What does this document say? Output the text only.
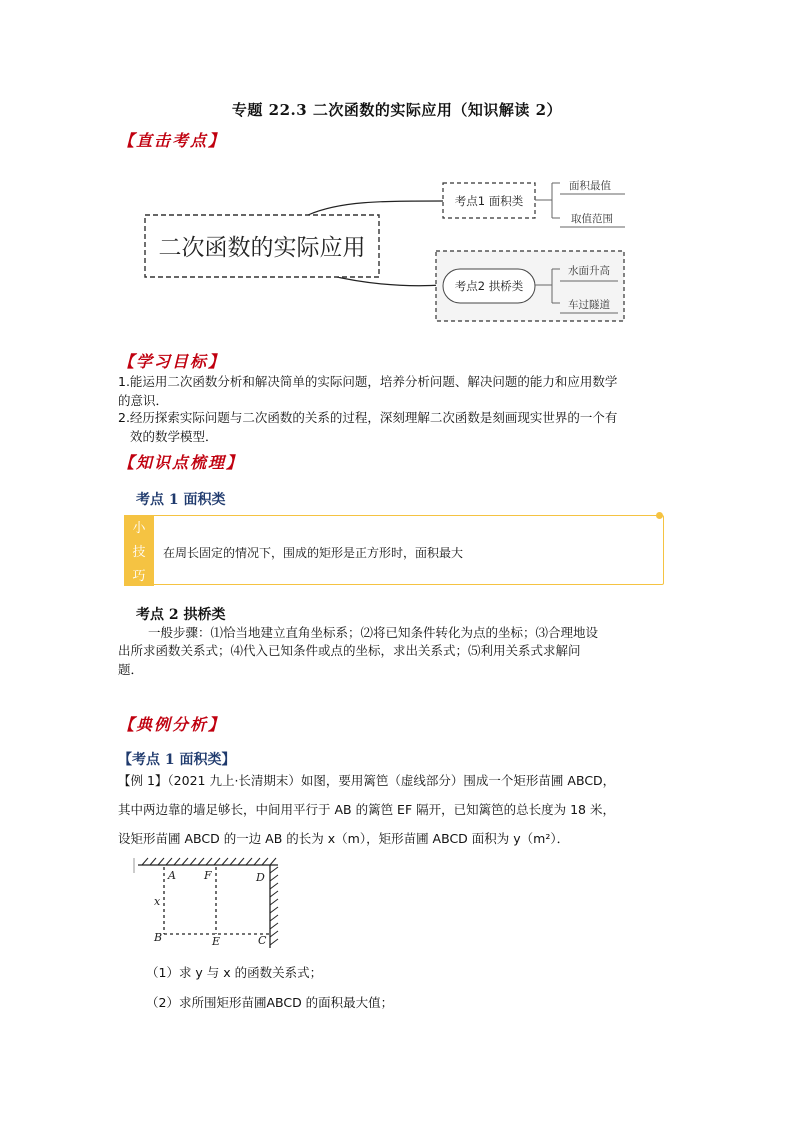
专题 22.3 二次函数的实际应用（知识解读 2）
【直击考点】
二次函数的实际应用
考点1 面积类
面积最值
取值范围
考点2 拱桥类
水面升高
车过隧道
【学习目标】
1.能运用二次函数分析和解决简单的实际问题，培养分析问题、解决问题的能力和应用数学
的意识．
2.经历探索实际问题与二次函数的关系的过程，深刻理解二次函数是刻画现实世界的一个有
效的数学模型．
【知识点梳理】
考点 1 面积类
小
技
巧
在周长固定的情况下，围成的矩形是正方形时，面积最大
考点 2 拱桥类
一般步骤：⑴恰当地建立直角坐标系；⑵将已知条件转化为点的坐标；⑶合理地设
出所求函数关系式；⑷代入已知条件或点的坐标，求出关系式；⑸利用关系式求解问
题．
【典例分析】
【考点 1 面积类】
【例 1】（2021 九上·长清期末）如图，要用篱笆（虚线部分）围成一个矩形苗圃 ABCD，
其中两边靠的墙足够长，中间用平行于 AB 的篱笆 EF 隔开，已知篱笆的总长度为 18 米，
设矩形苗圃 ABCD 的一边 AB 的长为 x（m），矩形苗圃 ABCD 面积为 y（m²）．
A	F	D
x
B	E	C
（1）求 y 与 x 的函数关系式；
（2）求所围矩形苗圃ABCD 的面积最大值；
